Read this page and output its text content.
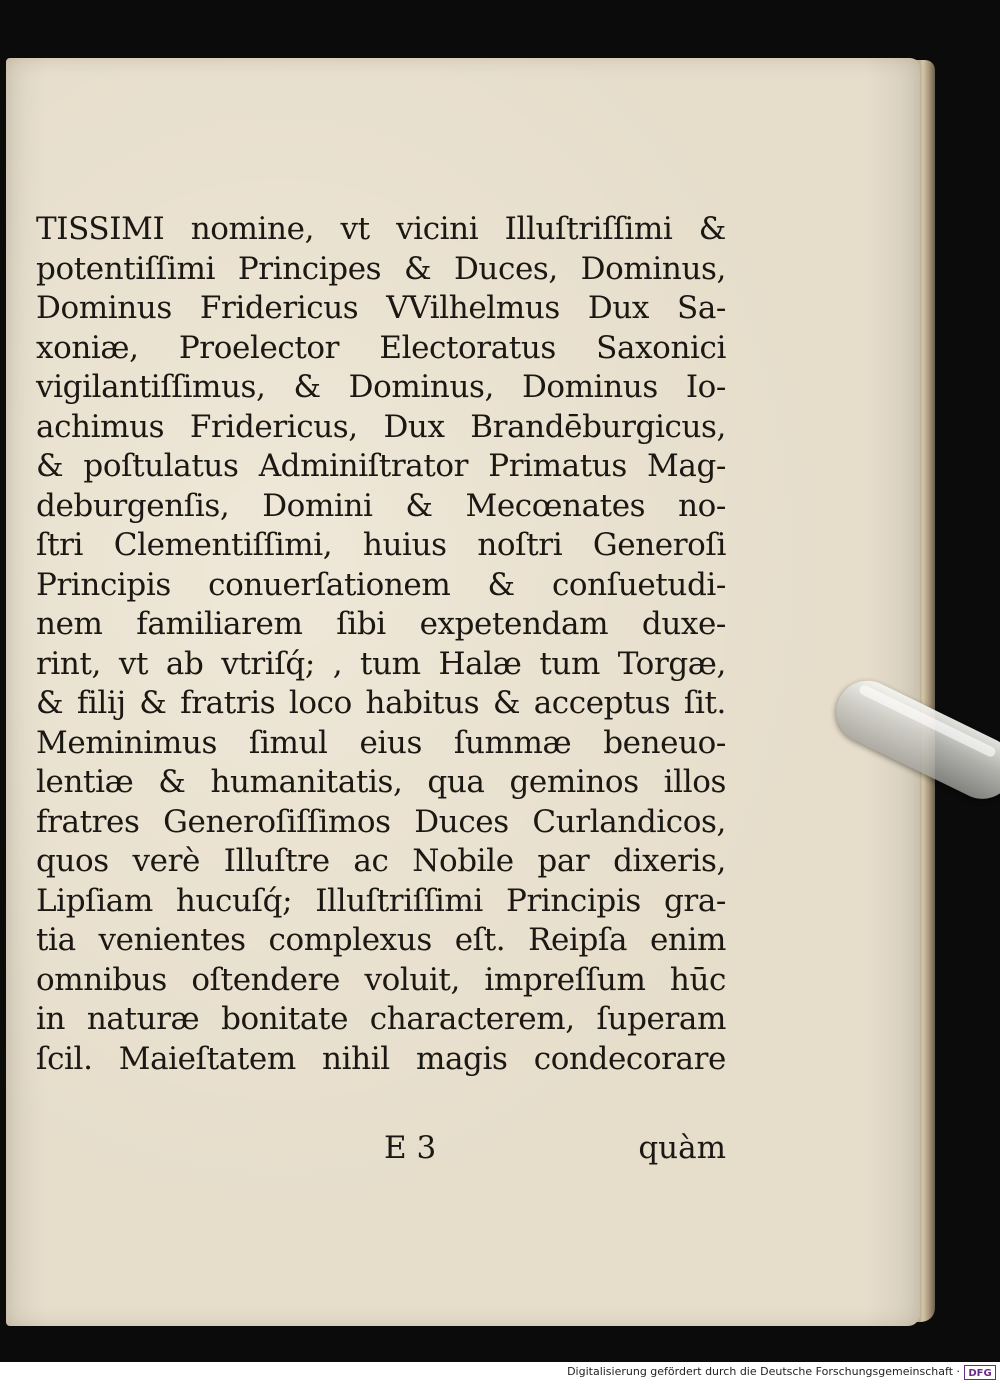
TISSIMI nomine, vt vicini Illuſtriſſimi &
potentiſſimi Principes & Duces, Dominus,
Dominus Fridericus VVilhelmus Dux Sa-
xoniæ, Proelector Electoratus Saxonici
vigilantiſſimus, & Dominus, Dominus Io-
achimus Fridericus, Dux Brandēburgicus,
& poſtulatus Adminiſtrator Primatus Mag-
deburgenſis, Domini & Mecœnates no-
ſtri Clementiſſimi, huius noſtri Generoſi
Principis conuerſationem & conſuetudi-
nem familiarem ſibi expetendam duxe-
rint, vt ab vtriſq́; , tum Halæ tum Torgæ,
& filij & fratris loco habitus & acceptus ſit.
Meminimus ſimul eius ſummæ beneuo-
lentiæ & humanitatis, qua geminos illos
fratres Generoſiſſimos Duces Curlandicos,
quos verè Illuſtre ac Nobile par dixeris,
Lipſiam hucuſq́; Illuſtriſſimi Principis gra-
tia venientes complexus eſt. Reipſa enim
omnibus oſtendere voluit, impreſſum hūc
in naturæ bonitate characterem, ſuperam
ſcil. Maieſtatem nihil magis condecorare
E 3	quàm
Digitalisierung gefördert durch die Deutsche Forschungsgemeinschaft · DFG
